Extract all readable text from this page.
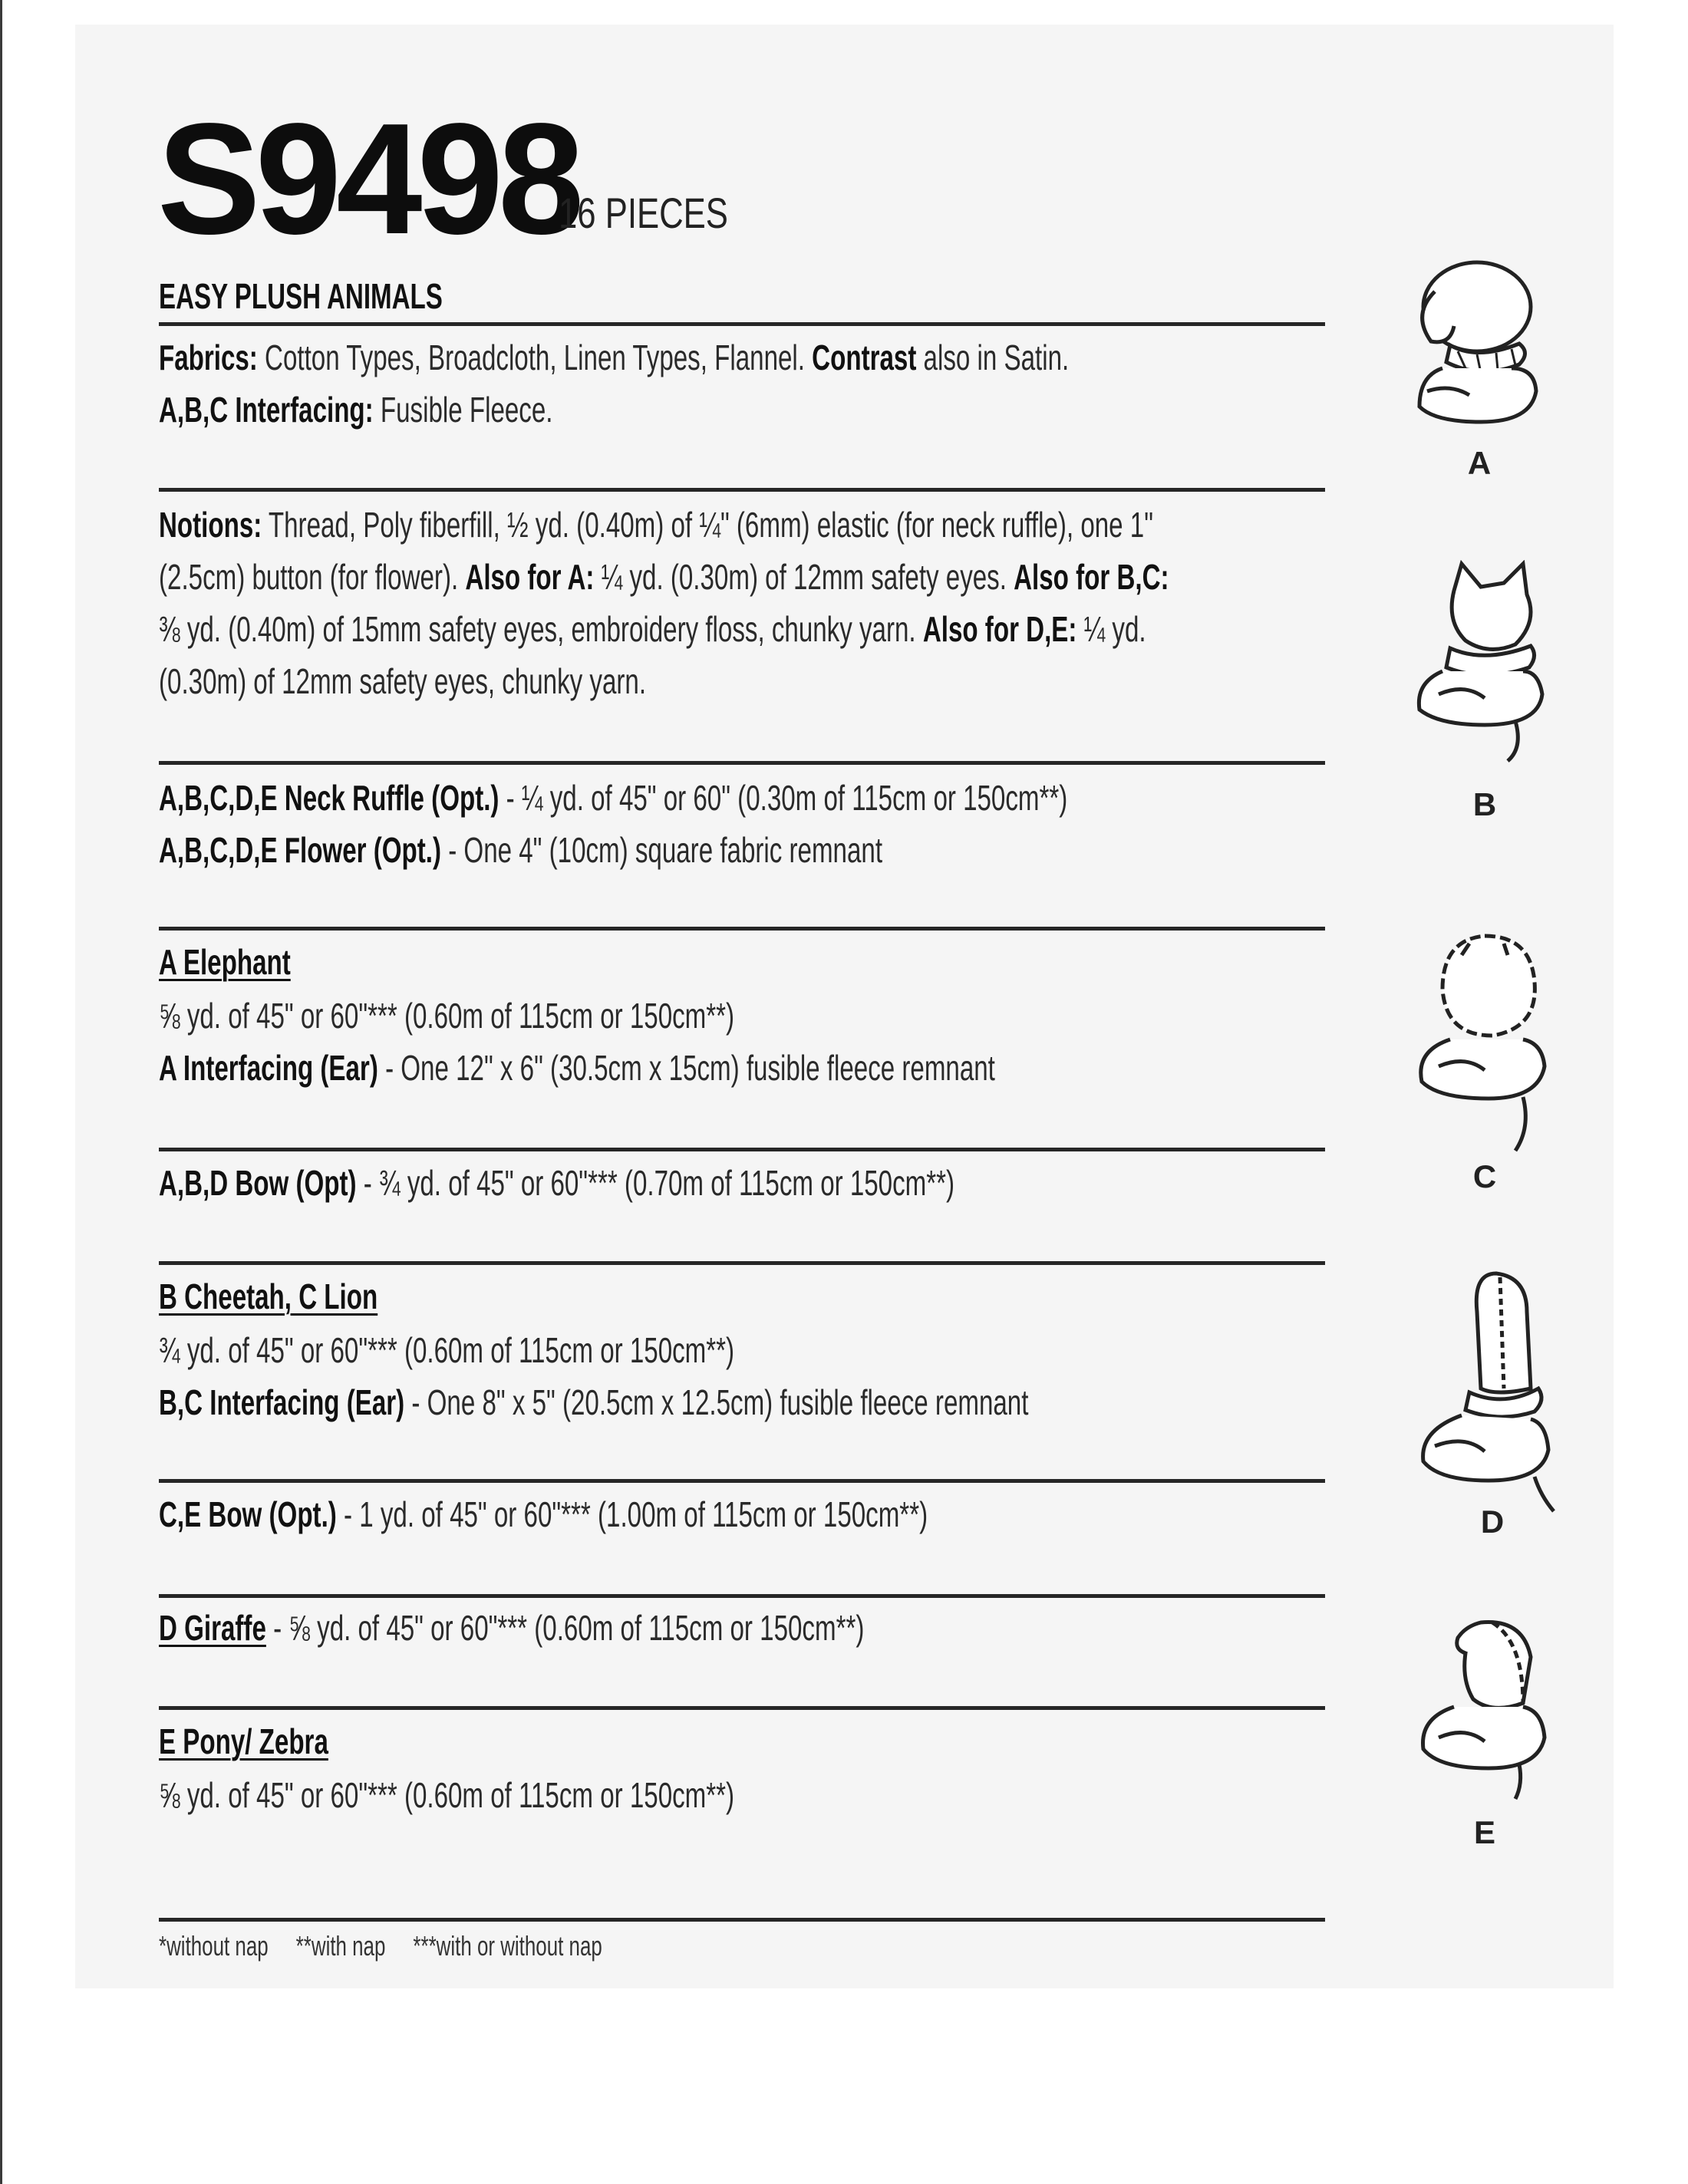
S9498
16 PIECES
EASY PLUSH ANIMALS
Fabrics: Cotton Types, Broadcloth, Linen Types, Flannel. Contrast also in Satin.
A,B,C Interfacing: Fusible Fleece.
Notions: Thread, Poly fiberfill, ½ yd. (0.40m) of ¼" (6mm) elastic (for neck ruffle), one 1"
(2.5cm) button (for flower). Also for A: ¼ yd. (0.30m) of 12mm safety eyes. Also for B,C:
⅜ yd. (0.40m) of 15mm safety eyes, embroidery floss, chunky yarn. Also for D,E: ¼ yd.
(0.30m) of 12mm safety eyes, chunky yarn.
A,B,C,D,E Neck Ruffle (Opt.) - ¼ yd. of 45" or 60" (0.30m of 115cm or 150cm**)
A,B,C,D,E Flower (Opt.) - One 4" (10cm) square fabric remnant
A Elephant
⅝ yd. of 45" or 60"*** (0.60m of 115cm or 150cm**)
A Interfacing (Ear) - One 12" x 6" (30.5cm x 15cm) fusible fleece remnant
A,B,D Bow (Opt) - ¾ yd. of 45" or 60"*** (0.70m of 115cm or 150cm**)
B Cheetah, C Lion
¾ yd. of 45" or 60"*** (0.60m of 115cm or 150cm**)
B,C Interfacing (Ear) - One 8" x 5" (20.5cm x 12.5cm) fusible fleece remnant
C,E Bow (Opt.) - 1 yd. of 45" or 60"*** (1.00m of 115cm or 150cm**)
D Giraffe - ⅝ yd. of 45" or 60"*** (0.60m of 115cm or 150cm**)
E Pony/ Zebra
⅝ yd. of 45" or 60"*** (0.60m of 115cm or 150cm**)
*without nap **with nap ***with or without nap
A
B
C
D
E
